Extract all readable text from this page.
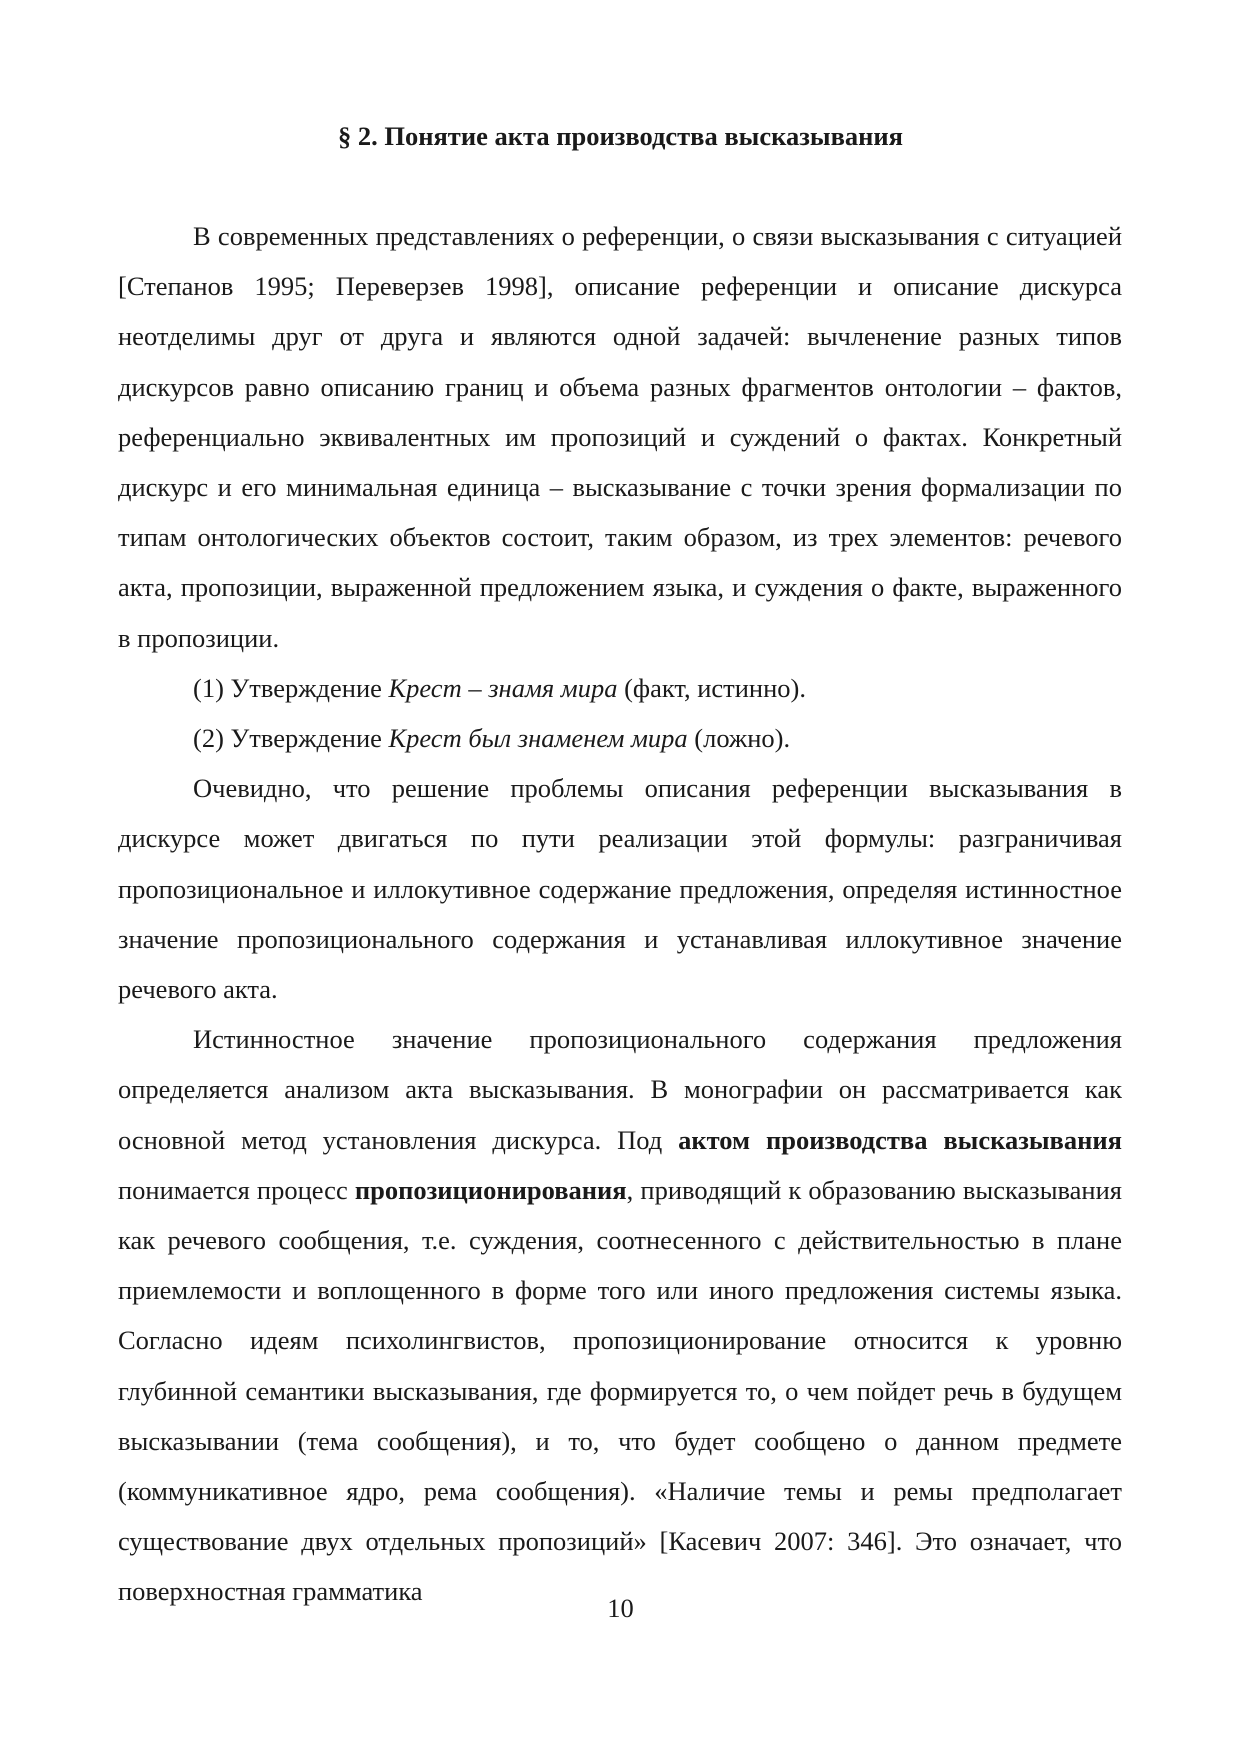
§ 2. Понятие акта производства высказывания

В современных представлениях о референции, о связи высказывания с ситуацией [Степанов 1995; Переверзев 1998], описание референции и описание дискурса неотделимы друг от друга и являются одной задачей: вычленение разных типов дискурсов равно описанию границ и объема разных фрагментов онтологии – фактов, референциально эквивалентных им пропозиций и суждений о фактах. Конкретный дискурс и его минимальная единица – высказывание с точки зрения формализации по типам онтологических объектов состоит, таким образом, из трех элементов: речевого акта, пропозиции, выраженной предложением языка, и суждения о факте, выраженного в пропозиции.

(1) Утверждение Крест – знамя мира (факт, истинно).

(2) Утверждение Крест был знаменем мира (ложно).

Очевидно, что решение проблемы описания референции высказывания в дискурсе может двигаться по пути реализации этой формулы: разграничивая пропозициональное и иллокутивное содержание предложения, определяя истинностное значение пропозиционального содержания и устанавливая иллокутивное значение речевого акта.

Истинностное значение пропозиционального содержания предложения определяется анализом акта высказывания. В монографии он рассматривается как основной метод установления дискурса. Под актом производства высказывания понимается процесс пропозиционирования, приводящий к образованию высказывания как речевого сообщения, т.е. суждения, соотнесенного с действительностью в плане приемлемости и воплощенного в форме того или иного предложения системы языка. Согласно идеям психолингвистов, пропозиционирование относится к уровню глубинной семантики высказывания, где формируется то, о чем пойдет речь в будущем высказывании (тема сообщения), и то, что будет сообщено о данном предмете (коммуникативное ядро, рема сообщения). «Наличие темы и ремы предполагает существование двух отдельных пропозиций» [Касевич 2007: 346]. Это означает, что поверхностная грамматика

10
